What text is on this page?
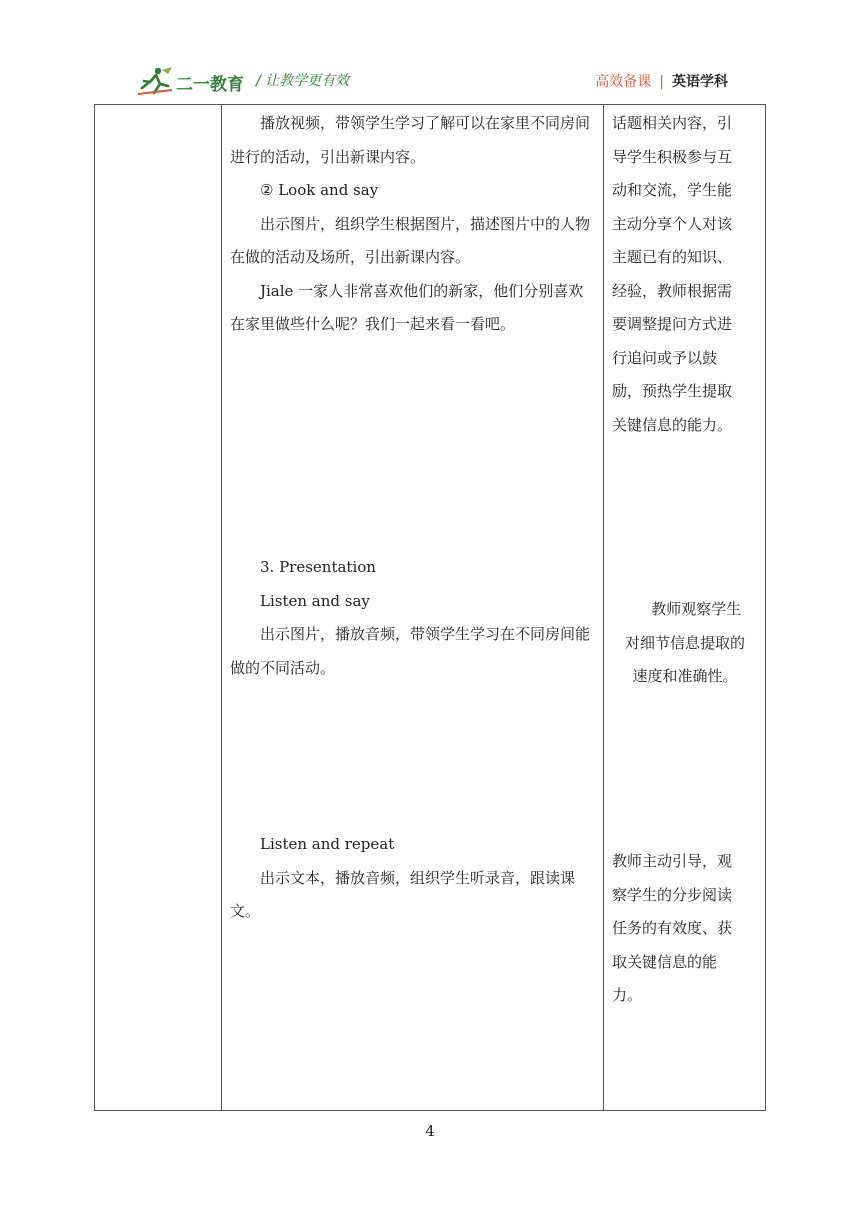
二一教育 / 让教学更有效	高效备课 | 英语学科

播放视频，带领学生学习了解可以在家里不同房间进行的活动，引出新课内容。

② Look and say

出示图片，组织学生根据图片，描述图片中的人物在做的活动及场所，引出新课内容。

Jiale 一家人非常喜欢他们的新家，他们分别喜欢在家里做些什么呢？我们一起来看一看吧。

3. Presentation

Listen and say

出示图片，播放音频，带领学生学习在不同房间能做的不同活动。

Listen and repeat

出示文本，播放音频，组织学生听录音，跟读课文。

话题相关内容，引
导学生积极参与互
动和交流，学生能
主动分享个人对该
主题已有的知识、
经验，教师根据需
要调整提问方式进
行追问或予以鼓
励，预热学生提取
关键信息的能力。
教师观察学生
对细节信息提取的
速度和准确性。
教师主动引导，观
察学生的分步阅读
任务的有效度、获
取关键信息的能
力。
4
